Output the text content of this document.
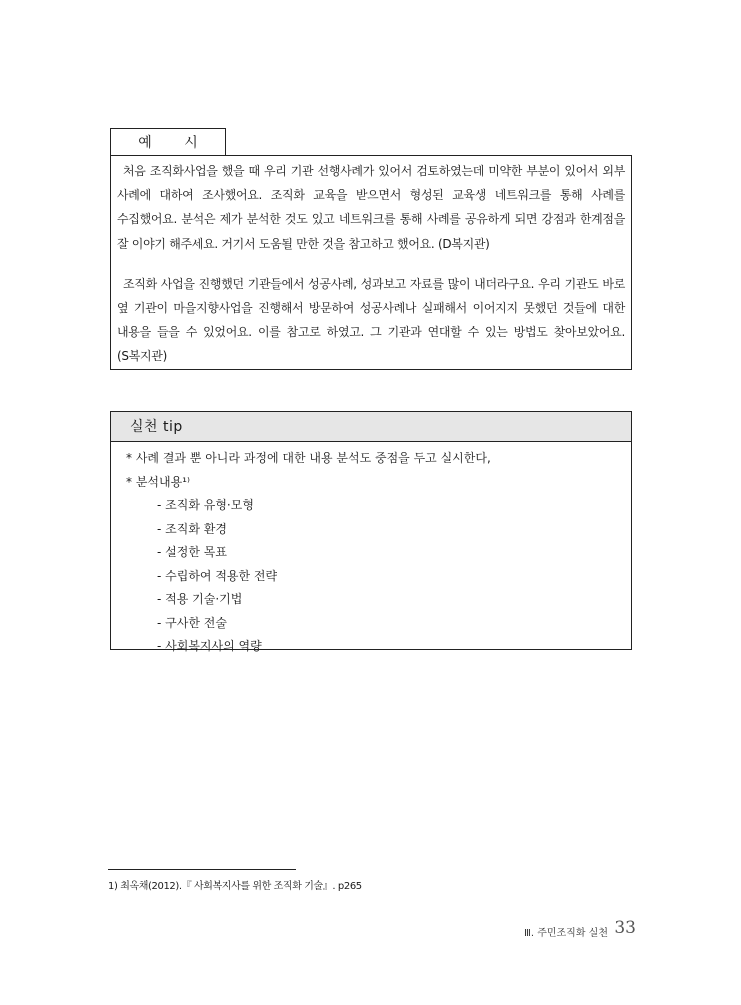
예 시

처음 조직화사업을 했을 때 우리 기관 선행사례가 있어서 검토하였는데 미약한 부분이 있어서 외부 사례에 대하여 조사했어요. 조직화 교육을 받으면서 형성된 교육생 네트워크를 통해 사례를 수집했어요. 분석은 제가 분석한 것도 있고 네트워크를 통해 사례를 공유하게 되면 강점과 한계점을 잘 이야기 해주세요. 거기서 도움될 만한 것을 참고하고 했어요. (D복지관)

조직화 사업을 진행했던 기관들에서 성공사례, 성과보고 자료를 많이 내더라구요. 우리 기관도 바로 옆 기관이 마을지향사업을 진행해서 방문하여 성공사례나 실패해서 이어지지 못했던 것들에 대한 내용을 들을 수 있었어요. 이를 참고로 하였고. 그 기관과 연대할 수 있는 방법도 찾아보았어요. (S복지관)

실천 tip
* 사례 결과 뿐 아니라 과정에 대한 내용 분석도 중점을 두고 실시한다,
* 분석내용¹⁾
- 조직화 유형·모형
- 조직화 환경
- 설정한 목표
- 수립하여 적용한 전략
- 적용 기술·기법
- 구사한 전술
- 사회복지사의 역량
1) 최옥채(2012).『 사회복지사를 위한 조직화 기술』. p265
Ⅲ. 주민조직화 실천 33
